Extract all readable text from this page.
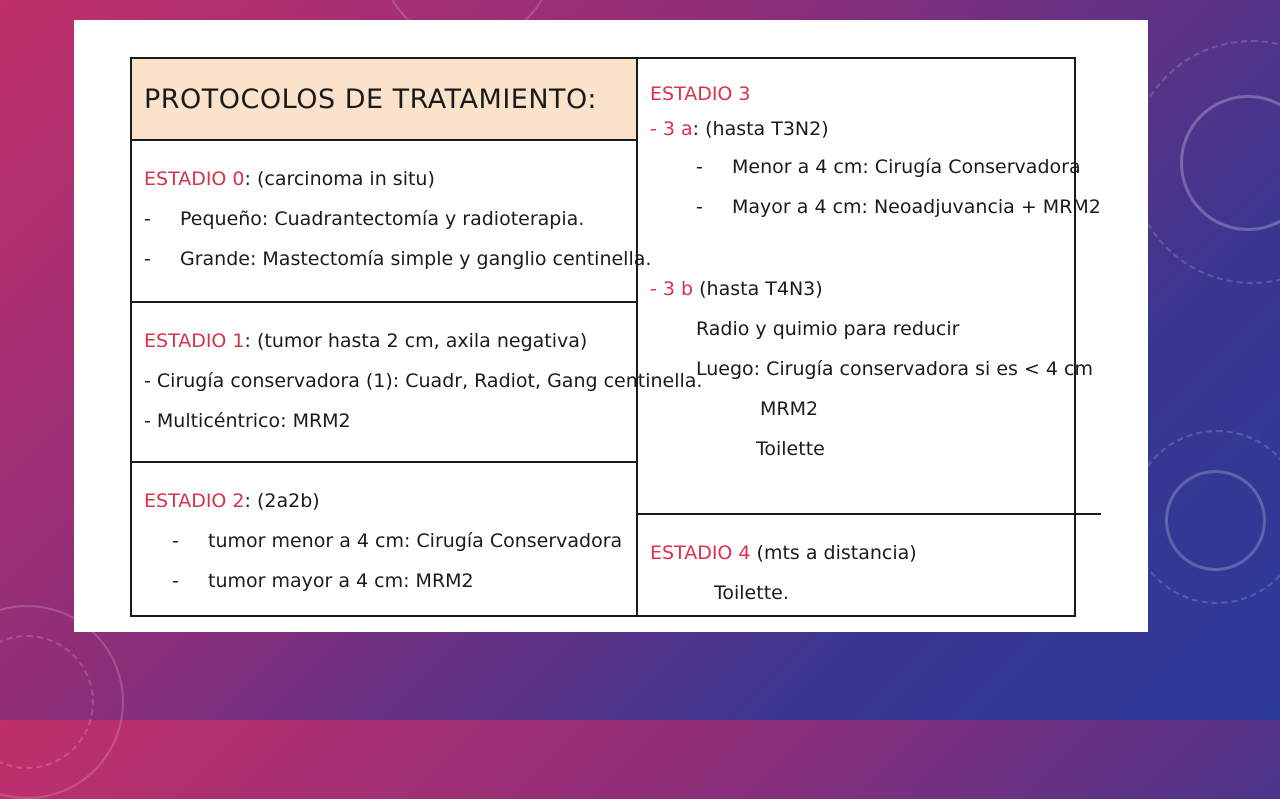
PROTOCOLOS DE TRATAMIENTO:
ESTADIO 0: (carcinoma in situ)
- Pequeño: Cuadrantectomía y radioterapia.
- Grande: Mastectomía simple y ganglio centinella.
ESTADIO 1: (tumor hasta 2 cm, axila negativa)
- Cirugía conservadora (1): Cuadr, Radiot, Gang centinella.
- Multicéntrico: MRM2
ESTADIO 2: (2a2b)
- tumor menor a 4 cm: Cirugía Conservadora
- tumor mayor a 4 cm: MRM2
ESTADIO 3
- 3 a: (hasta T3N2)
- Menor a 4 cm: Cirugía Conservadora
- Mayor a 4 cm: Neoadjuvancia + MRM2
- 3 b (hasta T4N3)
Radio y quimio para reducir
Luego: Cirugía conservadora si es < 4 cm
MRM2
Toilette
ESTADIO 4 (mts a distancia)
Toilette.
